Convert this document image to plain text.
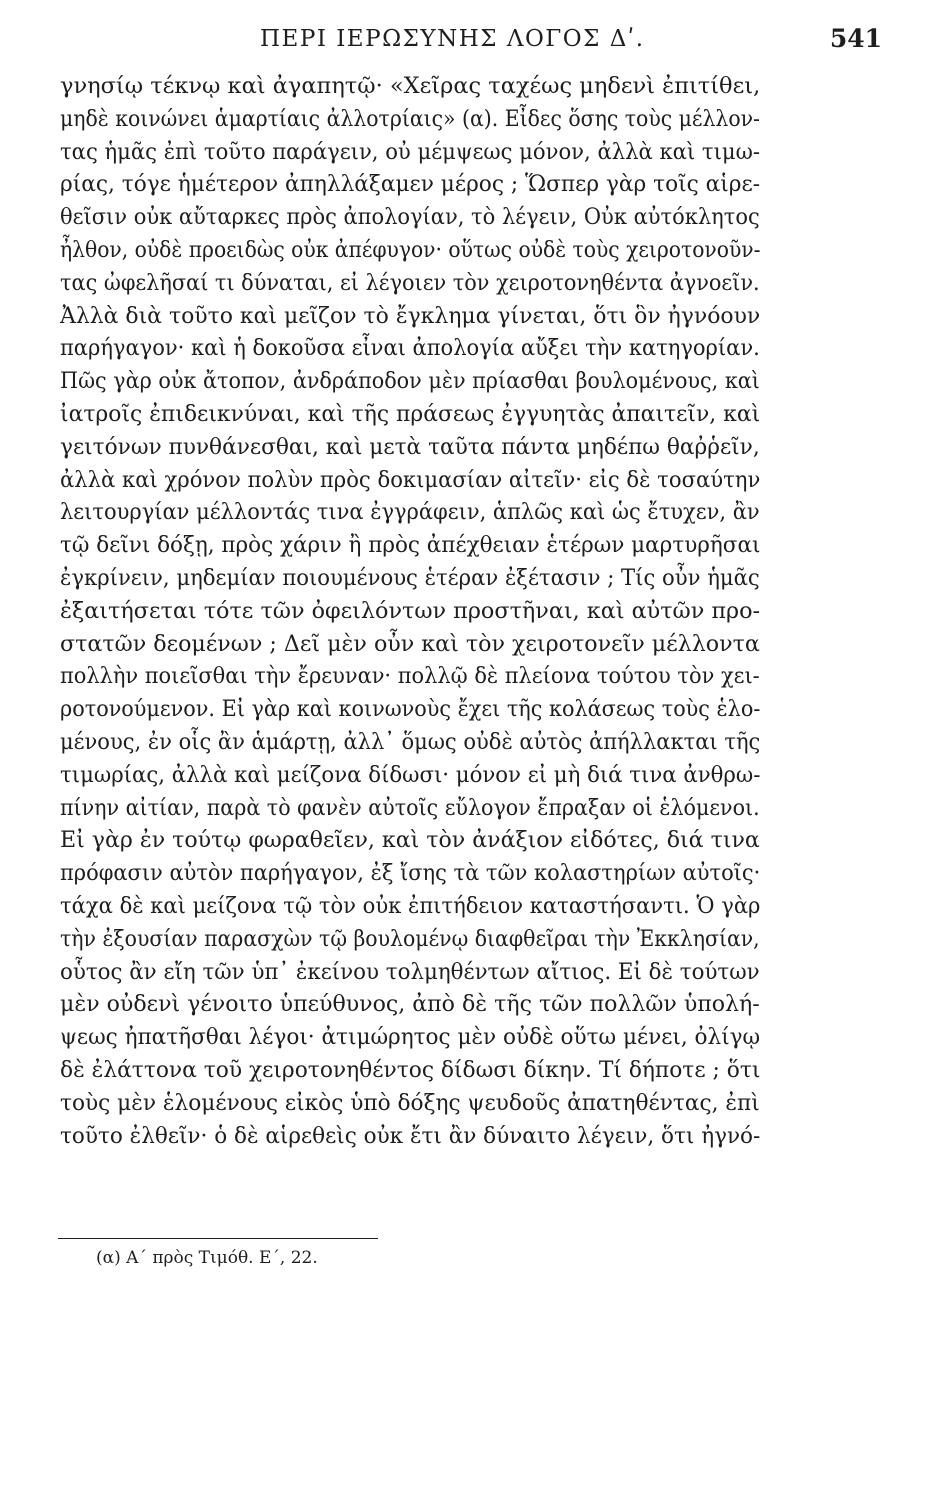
ΠΕΡΙ ΙΕΡΩΣΥΝΗΣ ΛΟΓΟΣ Δʹ.	541
γνησίῳ τέκνῳ καὶ ἀγαπητῷ· «Χεῖρας ταχέως μηδενὶ ἐπιτίθει,
μηδὲ κοινώνει ἁμαρτίαις ἀλλοτρίαις» (α). Εἶδες ὅσης τοὺς μέλλον-
τας ἡμᾶς ἐπὶ τοῦτο παράγειν, οὐ μέμψεως μόνον, ἀλλὰ καὶ τιμω-
ρίας, τόγε ἡμέτερον ἀπηλλάξαμεν μέρος ; Ὥσπερ γὰρ τοῖς αἱρε-
θεῖσιν οὐκ αὔταρκες πρὸς ἀπολογίαν, τὸ λέγειν, Οὐκ αὐτόκλητος
ἦλθον, οὐδὲ προειδὼς οὐκ ἀπέφυγον· οὕτως οὐδὲ τοὺς χειροτονοῦν-
τας ὠφελῆσαί τι δύναται, εἰ λέγοιεν τὸν χειροτονηθέντα ἀγνοεῖν.
Ἀλλὰ διὰ τοῦτο καὶ μεῖζον τὸ ἔγκλημα γίνεται, ὅτι ὃν ἠγνόουν
παρήγαγον· καὶ ἡ δοκοῦσα εἶναι ἀπολογία αὔξει τὴν κατηγορίαν.
Πῶς γὰρ οὐκ ἄτοπον, ἀνδράποδον μὲν πρίασθαι βουλομένους, καὶ
ἰατροῖς ἐπιδεικνύναι, καὶ τῆς πράσεως ἐγγυητὰς ἀπαιτεῖν, καὶ
γειτόνων πυνθάνεσθαι, καὶ μετὰ ταῦτα πάντα μηδέπω θαῤῥεῖν,
ἀλλὰ καὶ χρόνον πολὺν πρὸς δοκιμασίαν αἰτεῖν· εἰς δὲ τοσαύτην
λειτουργίαν μέλλοντάς τινα ἐγγράφειν, ἁπλῶς καὶ ὡς ἔτυχεν, ἂν
τῷ δεῖνι δόξῃ, πρὸς χάριν ἢ πρὸς ἀπέχθειαν ἑτέρων μαρτυρῆσαι
ἐγκρίνειν, μηδεμίαν ποιουμένους ἑτέραν ἐξέτασιν ; Τίς οὖν ἡμᾶς
ἐξαιτήσεται τότε τῶν ὀφειλόντων προστῆναι, καὶ αὐτῶν προ-
στατῶν δεομένων ; Δεῖ μὲν οὖν καὶ τὸν χειροτονεῖν μέλλοντα
πολλὴν ποιεῖσθαι τὴν ἔρευναν· πολλῷ δὲ πλείονα τούτου τὸν χει-
ροτονούμενον. Εἰ γὰρ καὶ κοινωνοὺς ἔχει τῆς κολάσεως τοὺς ἑλο-
μένους, ἐν οἷς ἂν ἁμάρτῃ, ἀλλ᾽ ὅμως οὐδὲ αὐτὸς ἀπήλλακται τῆς
τιμωρίας, ἀλλὰ καὶ μείζονα δίδωσι· μόνον εἰ μὴ διά τινα ἀνθρω-
πίνην αἰτίαν, παρὰ τὸ φανὲν αὐτοῖς εὔλογον ἔπραξαν οἱ ἑλόμενοι.
Εἰ γὰρ ἐν τούτῳ φωραθεῖεν, καὶ τὸν ἀνάξιον εἰδότες, διά τινα
πρόφασιν αὐτὸν παρήγαγον, ἐξ ἴσης τὰ τῶν κολαστηρίων αὐτοῖς·
τάχα δὲ καὶ μείζονα τῷ τὸν οὐκ ἐπιτήδειον καταστήσαντι. Ὁ γὰρ
τὴν ἐξουσίαν παρασχὼν τῷ βουλομένῳ διαφθεῖραι τὴν Ἐκκλησίαν,
οὗτος ἂν εἴη τῶν ὑπ᾽ ἐκείνου τολμηθέντων αἴτιος. Εἰ δὲ τούτων
μὲν οὐδενὶ γένοιτο ὑπεύθυνος, ἀπὸ δὲ τῆς τῶν πολλῶν ὑπολή-
ψεως ἠπατῆσθαι λέγοι· ἀτιμώρητος μὲν οὐδὲ οὕτω μένει, ὀλίγῳ
δὲ ἐλάττονα τοῦ χειροτονηθέντος δίδωσι δίκην. Τί δήποτε ; ὅτι
τοὺς μὲν ἑλομένους εἰκὸς ὑπὸ δόξης ψευδοῦς ἀπατηθέντας, ἐπὶ
τοῦτο ἐλθεῖν· ὁ δὲ αἱρεθεὶς οὐκ ἔτι ἂν δύναιτο λέγειν, ὅτι ἠγνό-
(α) Α΄ πρὸς Τιμόθ. Ε΄, 22.
